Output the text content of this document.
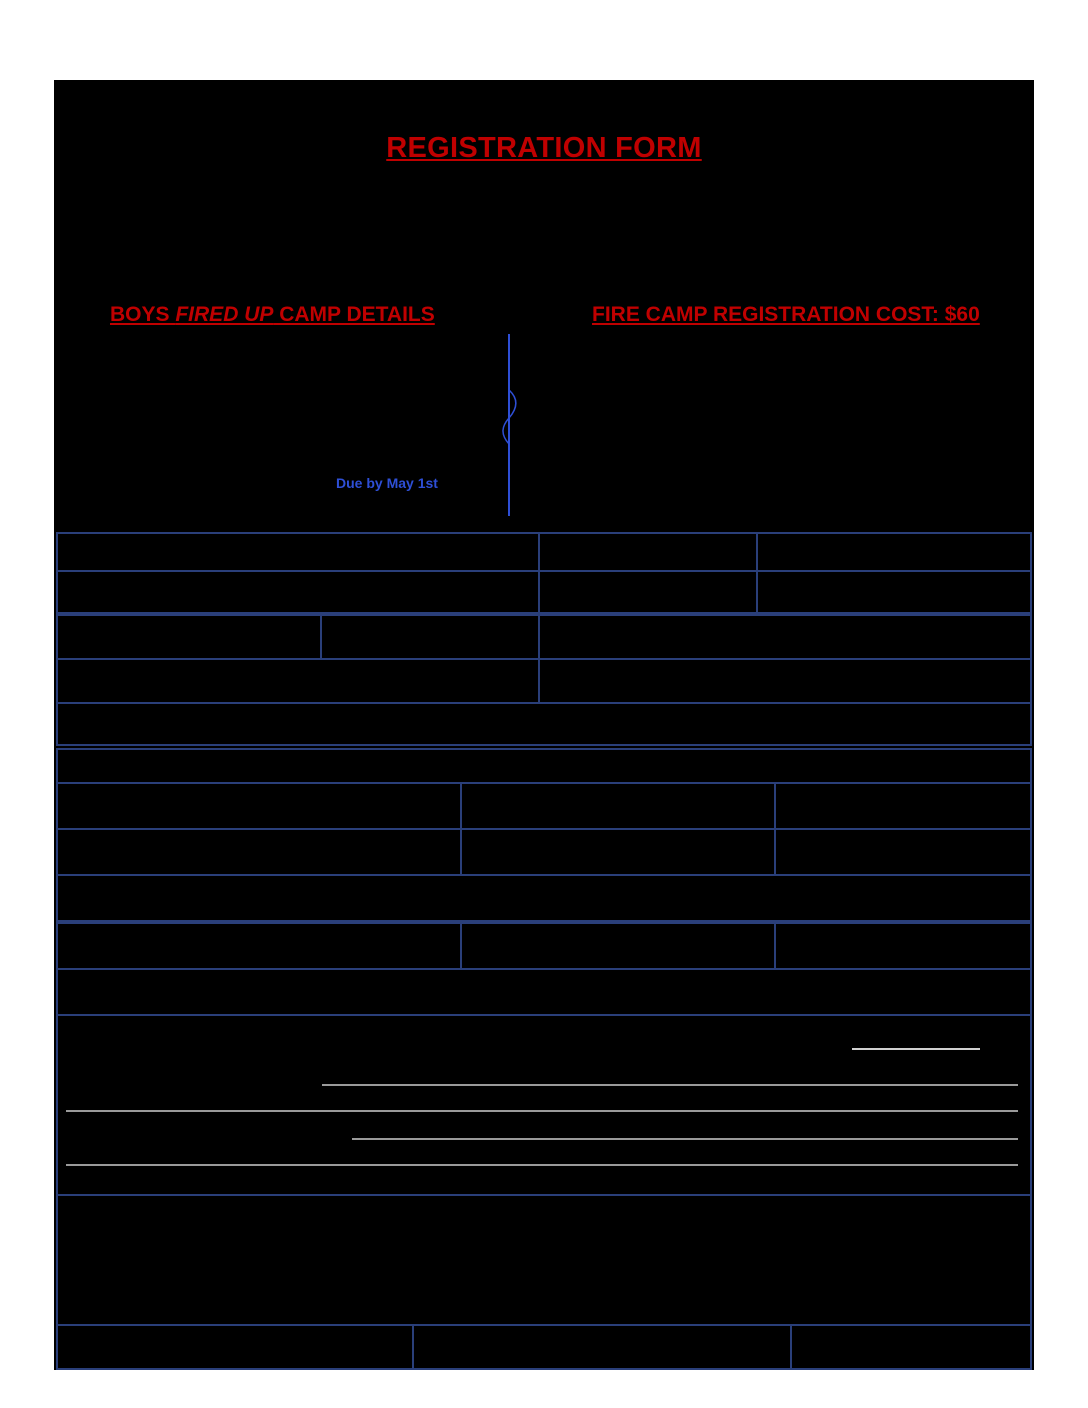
REGISTRATION FORM
BOYS FIRED UP CAMP DETAILS	FIRE CAMP REGISTRATION COST: $60
Due by May 1st
